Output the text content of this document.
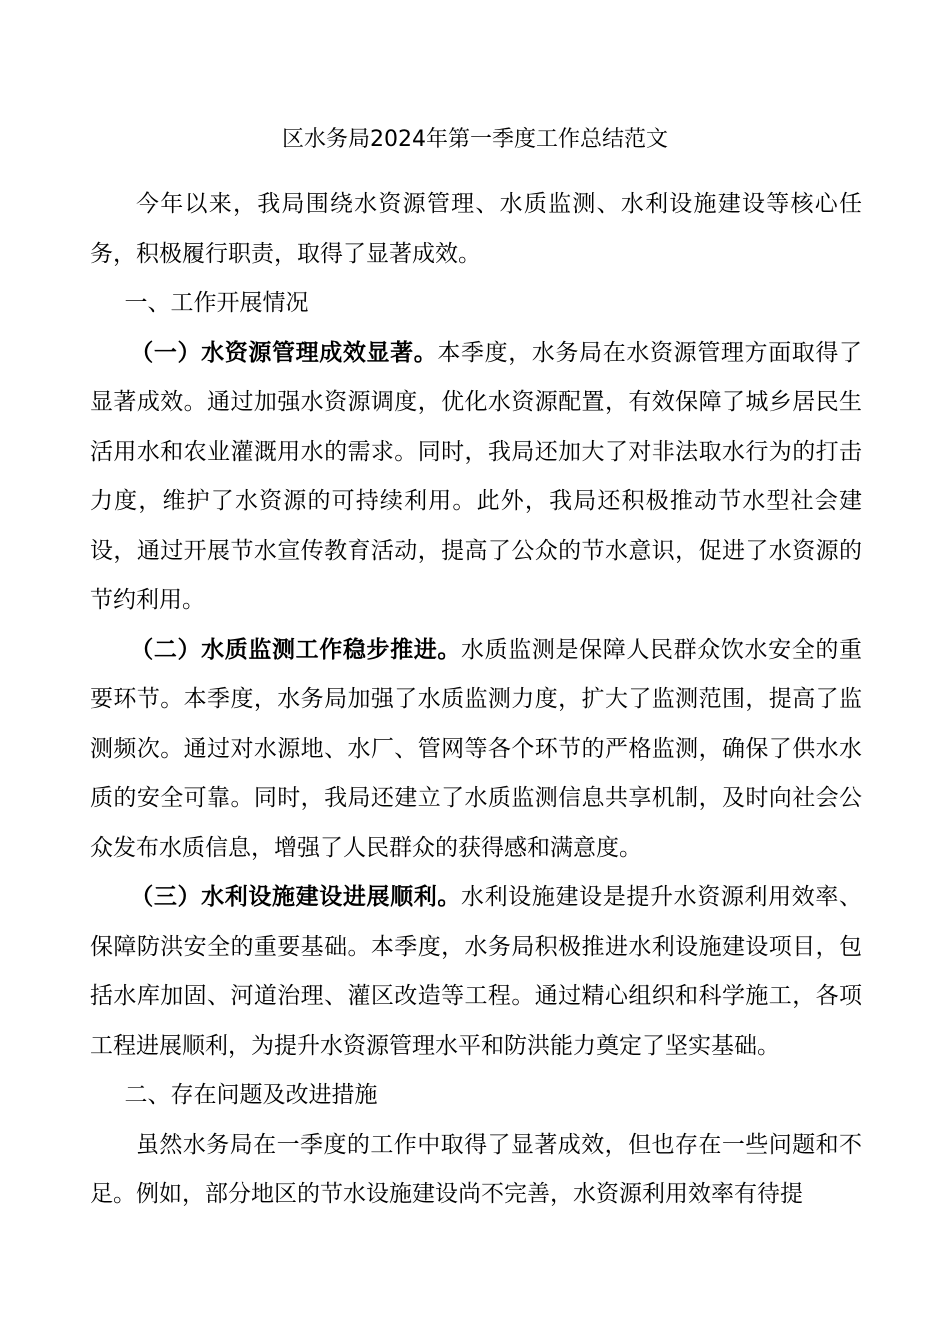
区水务局2024年第一季度工作总结范文

今年以来，我局围绕水资源管理、水质监测、水利设施建设等核心任务，积极履行职责，取得了显著成效。

一、工作开展情况

（一）水资源管理成效显著。本季度，水务局在水资源管理方面取得了显著成效。通过加强水资源调度，优化水资源配置，有效保障了城乡居民生活用水和农业灌溉用水的需求。同时，我局还加大了对非法取水行为的打击力度，维护了水资源的可持续利用。此外，我局还积极推动节水型社会建设，通过开展节水宣传教育活动，提高了公众的节水意识，促进了水资源的节约利用。

（二）水质监测工作稳步推进。水质监测是保障人民群众饮水安全的重要环节。本季度，水务局加强了水质监测力度，扩大了监测范围，提高了监测频次。通过对水源地、水厂、管网等各个环节的严格监测，确保了供水水质的安全可靠。同时，我局还建立了水质监测信息共享机制，及时向社会公众发布水质信息，增强了人民群众的获得感和满意度。

（三）水利设施建设进展顺利。水利设施建设是提升水资源利用效率、保障防洪安全的重要基础。本季度，水务局积极推进水利设施建设项目，包括水库加固、河道治理、灌区改造等工程。通过精心组织和科学施工，各项工程进展顺利，为提升水资源管理水平和防洪能力奠定了坚实基础。

二、存在问题及改进措施

虽然水务局在一季度的工作中取得了显著成效，但也存在一些问题和不足。例如，部分地区的节水设施建设尚不完善，水资源利用效率有待提
